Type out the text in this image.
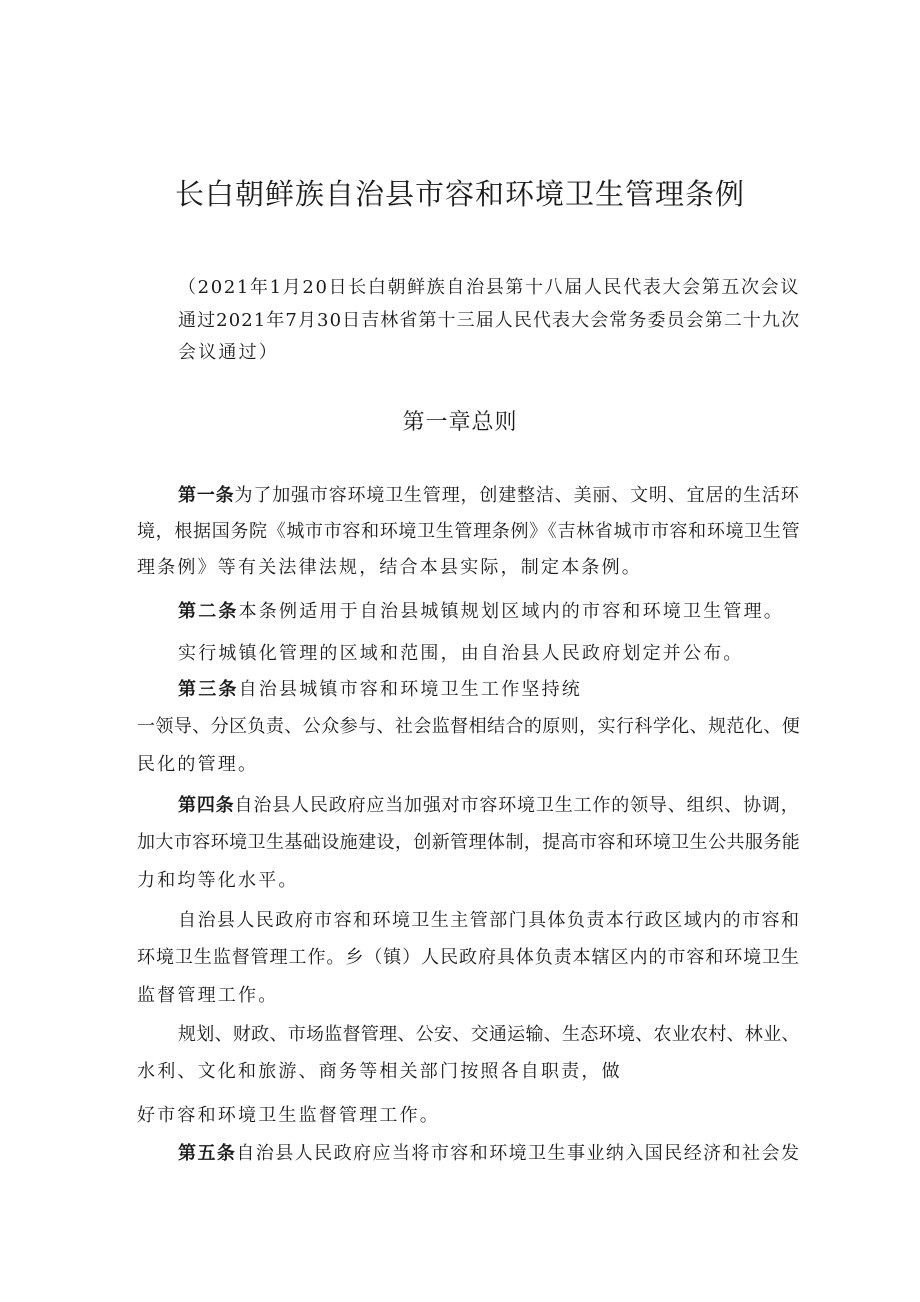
长白朝鲜族自治县市容和环境卫生管理条例
（2021年1月20日长白朝鲜族自治县第十八届人民代表大会第五次会议
通过2021年7月30日吉林省第十三届人民代表大会常务委员会第二十九次
会议通过）
第一章总则
第一条为了加强市容环境卫生管理，创建整洁、美丽、文明、宜居的生活环
境，根据国务院《城市市容和环境卫生管理条例》《吉林省城市市容和环境卫生管
理条例》等有关法律法规，结合本县实际，制定本条例。
第二条本条例适用于自治县城镇规划区域内的市容和环境卫生管理。
实行城镇化管理的区域和范围，由自治县人民政府划定并公布。
第三条自治县城镇市容和环境卫生工作坚持统
一领导、分区负责、公众参与、社会监督相结合的原则，实行科学化、规范化、便
民化的管理。
第四条自治县人民政府应当加强对市容环境卫生工作的领导、组织、协调，
加大市容环境卫生基础设施建设，创新管理体制，提高市容和环境卫生公共服务能
力和均等化水平。
自治县人民政府市容和环境卫生主管部门具体负责本行政区域内的市容和
环境卫生监督管理工作。乡（镇）人民政府具体负责本辖区内的市容和环境卫生
监督管理工作。
规划、财政、市场监督管理、公安、交通运输、生态环境、农业农村、林业、
水利、文化和旅游、商务等相关部门按照各自职责，做
好市容和环境卫生监督管理工作。
第五条自治县人民政府应当将市容和环境卫生事业纳入国民经济和社会发
